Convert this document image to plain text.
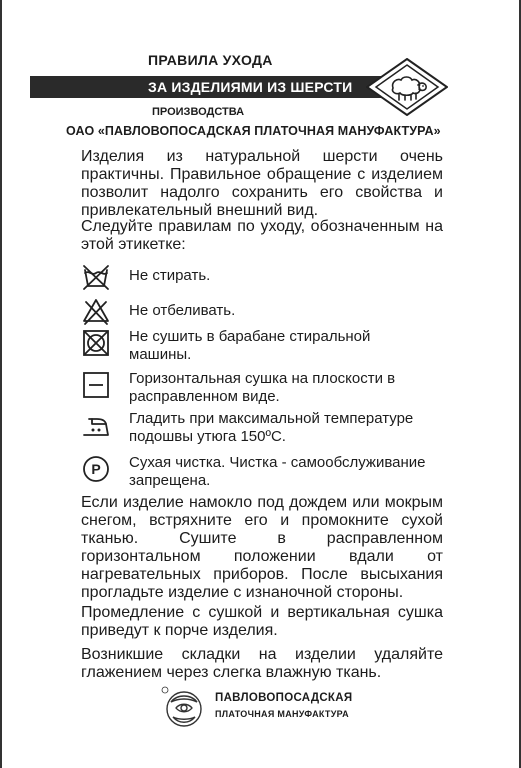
ПРАВИЛА УХОДА
ЗА ИЗДЕЛИЯМИ ИЗ ШЕРСТИ
ПРОИЗВОДСТВА
ОАО «ПАВЛОВОПОСАДСКАЯ ПЛАТОЧНАЯ МАНУФАКТУРА»
Изделия из натуральной шерсти очень практичны. Правильное обращение с изделием позволит надолго сохранить его свойства и привлекательный внешний вид.
Следуйте правилам по уходу, обозначенным на этой этикетке:
Не стирать.
Не отбеливать.
Не сушить в барабане стиральной машины.
Горизонтальная сушка на плоскости в расправленном виде.
Гладить при максимальной температуре подошвы утюга 150ºС.
P Сухая чистка. Чистка - самообслуживание запрещена.
Если изделие намокло под дождем или мокрым снегом, встряхните его и промокните сухой тканью. Сушите в расправленном горизонтальном положении вдали от нагревательных приборов. После высыхания прогладьте изделие с изнаночной стороны.
Промедление с сушкой и вертикальная сушка приведут к порче изделия.
Возникшие складки на изделии удаляйте глажением через слегка влажную ткань.
ПАВЛОВОПОСАДСКАЯ
ПЛАТОЧНАЯ МАНУФАКТУРА
